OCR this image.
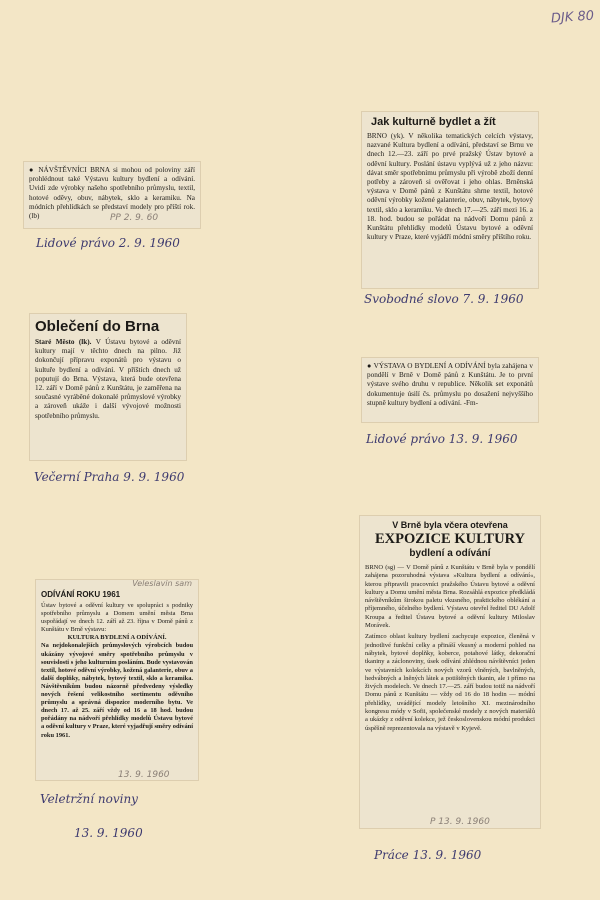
DJK 80

● NÁVŠTĚVNÍCI BRNA si mohou od poloviny září prohlédnout také Výstavu kultury bydlení a odívání. Uvidí zde výrobky našeho spotřebního průmyslu, textil, hotové oděvy, obuv, nábytek, sklo a keramiku. Na módních přehlídkách se představí modely pro příští rok. (lb)	PP 2. 9. 60
Lidové právo 2. 9. 1960
Jak kulturně bydlet a žít

BRNO (yk). V několika tematických celcích výstavy, nazvané Kultura bydlení a odívání, představí se Brnu ve dnech 12.—23. září po prvé pražský Ústav bytové a oděvní kultury. Poslání ústavu vyplývá už z jeho názvu: dávat směr spotřebnímu průmyslu při výrobě zboží denní potřeby a zároveň si ověřovat i jeho ohlas. Brněnská výstava v Domě pánů z Kunštátu shrne textil, hotové oděvní výrobky kožené galanterie, obuv, nábytek, bytový textil, sklo a keramiku. Ve dnech 17.—25. září mezi 16. a 18. hod. budou se pořádat na nádvoří Domu pánů z Kunštátu přehlídky modelů Ústavu bytové a oděvní kultury v Praze, které vyjádří módní směry příštího roku.

Svobodné slovo 7. 9. 1960
Oblečení do Brna

Staré Město (lk). V Ústavu bytové a oděvní kultury mají v těchto dnech na pilno. Již dokončují přípravu exponátů pro výstavu o kultuře bydlení a odívání. V příštích dnech už poputují do Brna. Výstava, která bude otevřena 12. září v Domě pánů z Kunštátu, je zaměřena na současné vyráběné dokonalé průmyslové výrobky a zároveň ukáže i další vývojové možnosti spotřebního průmyslu.

Večerní Praha 9. 9. 1960

● VÝSTAVA O BYDLENÍ A ODÍVÁNÍ byla zahájena v pondělí v Brně v Domě pánů z Kunštátu. Je to první výstave svého druhu v republice. Několik set exponátů dokumentuje úsilí čs. průmyslu po dosažení nejvyššího stupně kultury bydlení a odívání. -Fm-

Lidové právo 13. 9. 1960
Veleslavín sam
ODÍVÁNÍ ROKU 1961

Ústav bytové a oděvní kultury ve spolupráci s podniky spotřebního průmyslu a Domem umění města Brna uspořádají ve dnech 12. září až 23. října v Domě pánů z Kunštátu v Brně výstavu:

KULTURA BYDLENÍ A ODÍVÁNÍ.

Na nejdokonalejších průmyslových výrobcích budou ukázány vývojové směry spotřebního průmyslu v souvislosti s jeho kulturním posláním. Bude vystavován textil, hotové oděvní výrobky, kožená galanterie, obuv a další doplňky, nábytek, bytový textil, sklo a keramika. Návštěvníkům budou názorně předvedeny výsledky nových řešení velikostního sortimentu oděvního průmyslu a správná dispozice moderního bytu. Ve dnech 17. až 25. září vždy od 16 a 18 hod. budou pořádány na nádvoří přehlídky modelů Ústavu bytové a oděvní kultury v Praze, které vyjadřují směry odívání roku 1961.

13. 9. 1960
Veletržní noviny
13. 9. 1960
V Brně byla včera otevřena
EXPOZICE KULTURY
bydlení a odívání

BRNO (sg) — V Domě pánů z Kunštátu v Brně byla v pondělí zahájena pozoruhodná výstava »Kultura bydlení a odívání«, kterou připravili pracovníci pražského Ústavu bytové a oděvní kultury a Domu umění města Brna. Rozsáhlá expozice předkládá návštěvníkům širokou paletu vkusného, praktického oblékání a příjemného, účelného bydlení. Výstavu otevřel ředitel DU Adolf Kroupa a ředitel Ústavu bytové a oděvní kultury Miloslav Morávek.

Zatímco oblast kultury bydlení zachycuje expozice, členěná v jednotlivé funkční celky a přináší vkusný a moderní pohled na nábytek, bytové doplňky, koberce, potahové látky, dekorační tkaniny a záclonoviny, úsek odívání zhlédnou návštěvníci jeden ve výstavních kolekcích nových vzorů vlněných, bavlněných, hedvábných a lněných látek a potištěných tkanin, ale i přímo na živých modelech. Ve dnech 17.—25. září budou totiž na nádvoří Domu pánů z Kunštátu — vždy od 16 do 18 hodin — módní přehlídky, uvádějící modely letošního XI. mezinárodního kongresu módy v Sofii, společenské modely z nových materiálů a ukázky z oděvní kolekce, jež československou módní produkci úspěšně reprezentovala na výstavě v Kyjevě.

P 13. 9. 1960
Práce 13. 9. 1960
